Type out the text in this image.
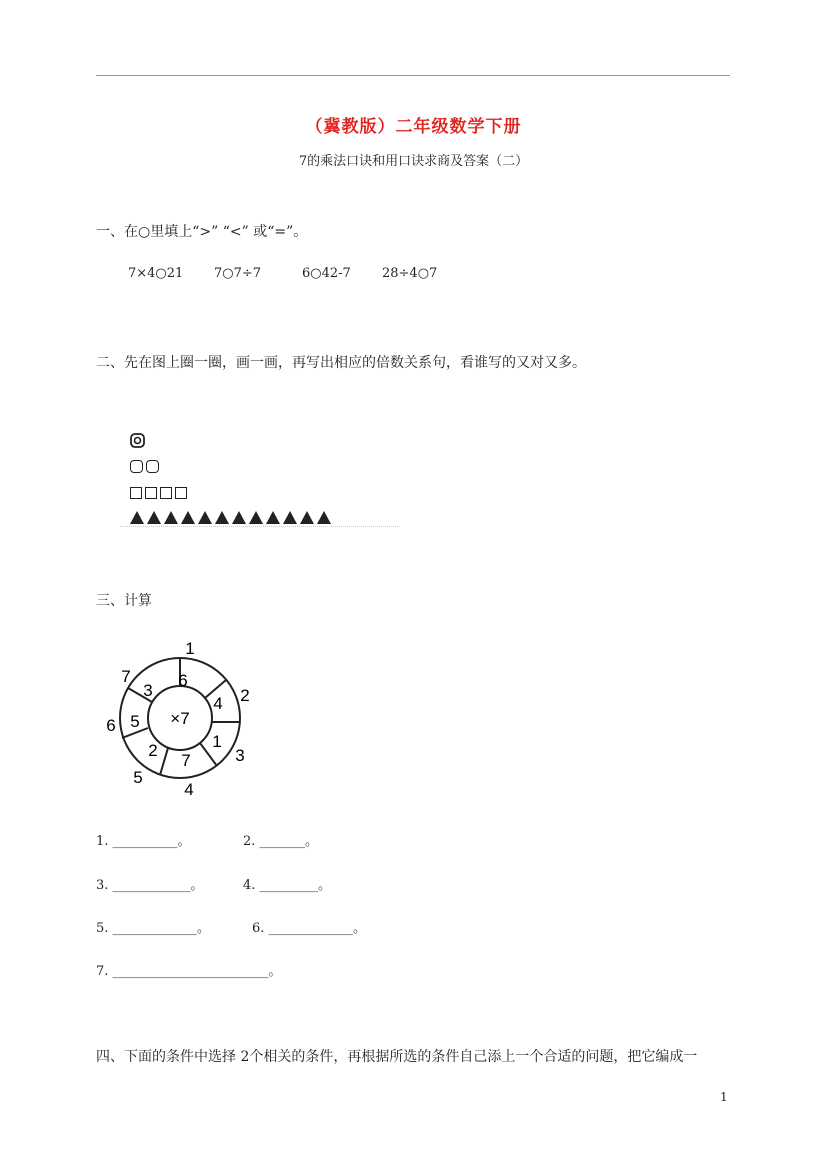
（冀教版）二年级数学下册
7的乘法口诀和用口诀求商及答案（二）
一、在○里填上“>” “<” 或“=”。
7×4○21 7○7÷7	6○42-7 28÷4○7
二、先在图上圈一圈，画一画，再写出相应的倍数关系句，看谁写的又对又多。
三、计算
×7
6
4
1
7
2
5
3
1
2
3
4
5
6
7
1. __________。	2. _______。
3. ____________。	4. _________。
5. _____________。	6. _____________。
7. ________________________。
四、下面的条件中选择 2个相关的条件，再根据所选的条件自己添上一个合适的问题，把它编成一
1
